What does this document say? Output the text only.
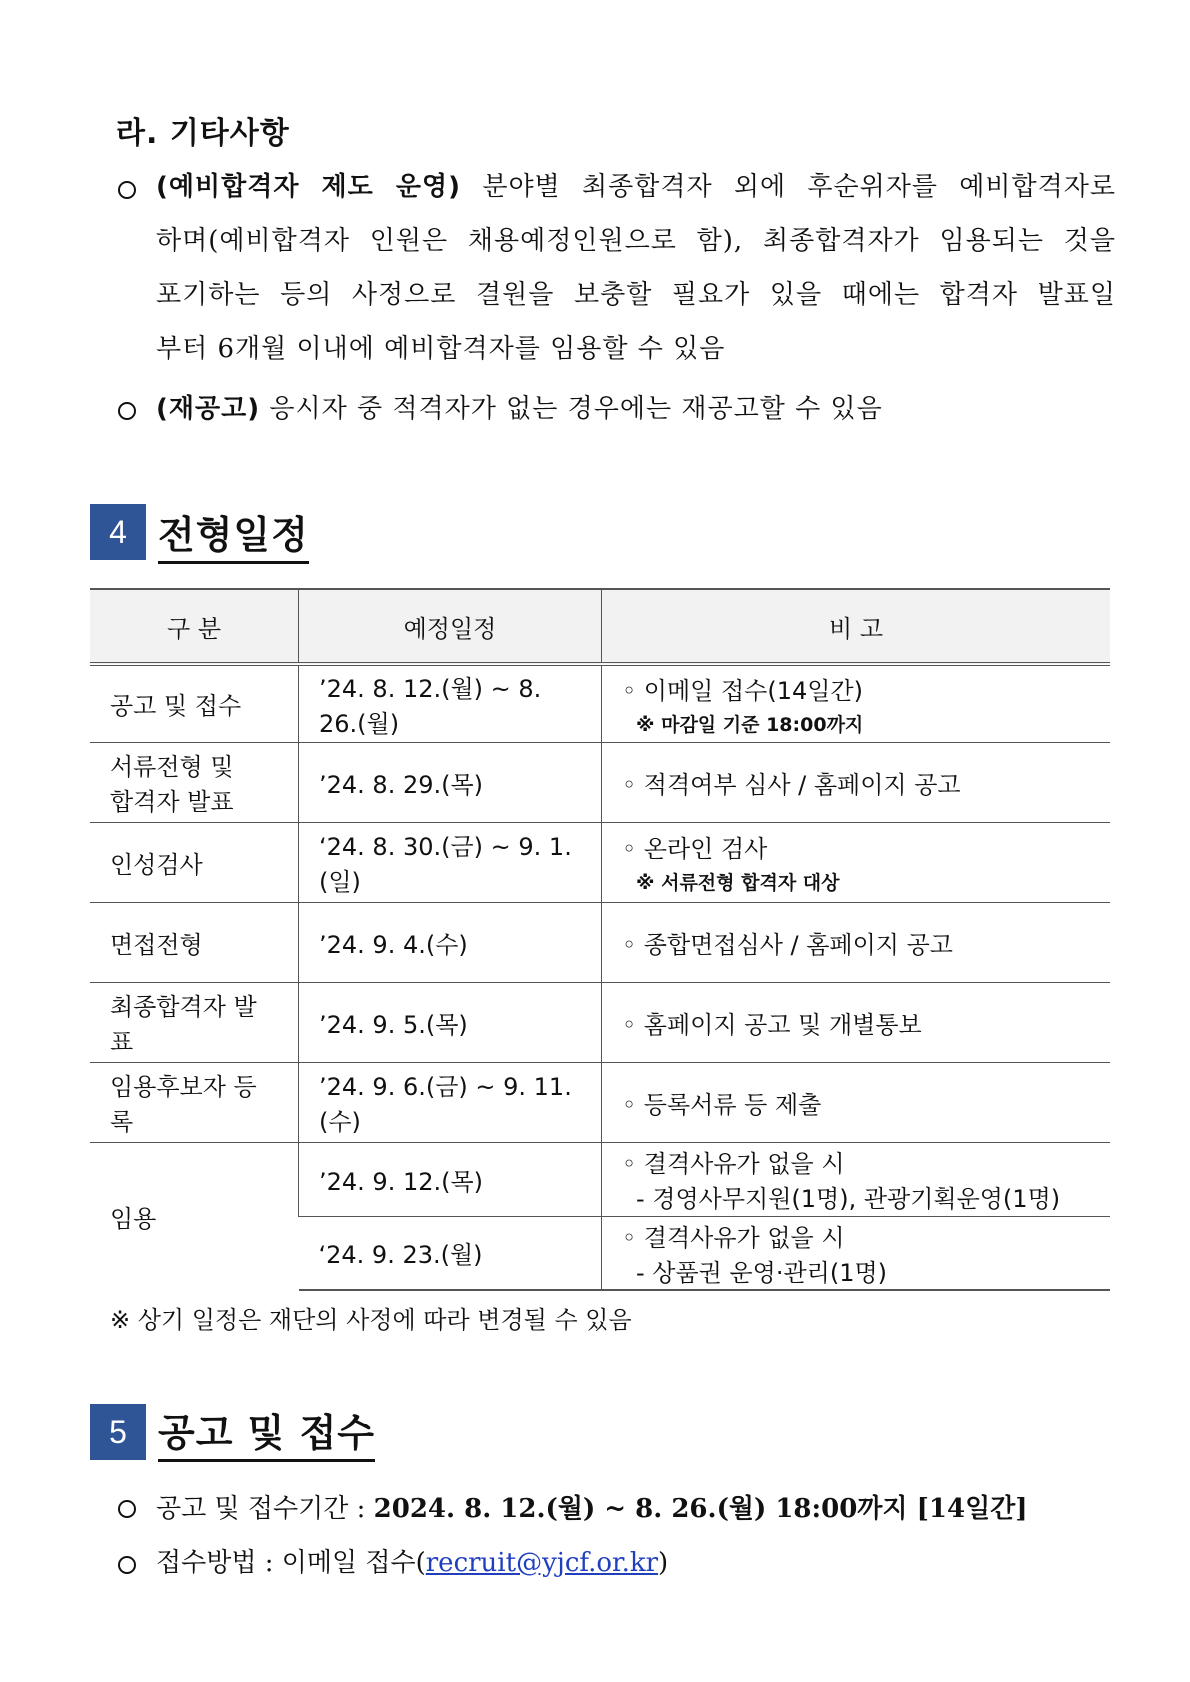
라. 기타사항
(예비합격자 제도 운영) 분야별 최종합격자 외에 후순위자를 예비합격자로
하며(예비합격자 인원은 채용예정인원으로 함), 최종합격자가 임용되는 것을
포기하는 등의 사정으로 결원을 보충할 필요가 있을 때에는 합격자 발표일
부터 6개월 이내에 예비합격자를 임용할 수 있음
(재공고) 응시자 중 적격자가 없는 경우에는 재공고할 수 있음
4 전형일정
구 분	예정일정	비 고
공고 및 접수	’24. 8. 12.(월) ~ 8. 26.(월)	◦ 이메일 접수(14일간)
※ 마감일 기준 18:00까지

서류전형 및
합격자 발표	’24. 8. 29.(목)	◦ 적격여부 심사 / 홈페이지 공고
인성검사	‘24. 8. 30.(금) ~ 9. 1.(일)	◦ 온라인 검사
※ 서류전형 합격자 대상

면접전형	’24. 9. 4.(수)	◦ 종합면접심사 / 홈페이지 공고
최종합격자 발표	’24. 9. 5.(목)	◦ 홈페이지 공고 및 개별통보
임용후보자 등록	’24. 9. 6.(금) ~ 9. 11.(수)	◦ 등록서류 등 제출
임용	’24. 9. 12.(목)	◦ 결격사유가 없을 시
- 경영사무지원(1명), 관광기획운영(1명)

	‘24. 9. 23.(월)	◦ 결격사유가 없을 시
- 상품권 운영·관리(1명)
※ 상기 일정은 재단의 사정에 따라 변경될 수 있음
5 공고 및 접수
공고 및 접수기간 : 2024. 8. 12.(월) ~ 8. 26.(월) 18:00까지 [14일간]
접수방법 : 이메일 접수(recruit@yjcf.or.kr)
